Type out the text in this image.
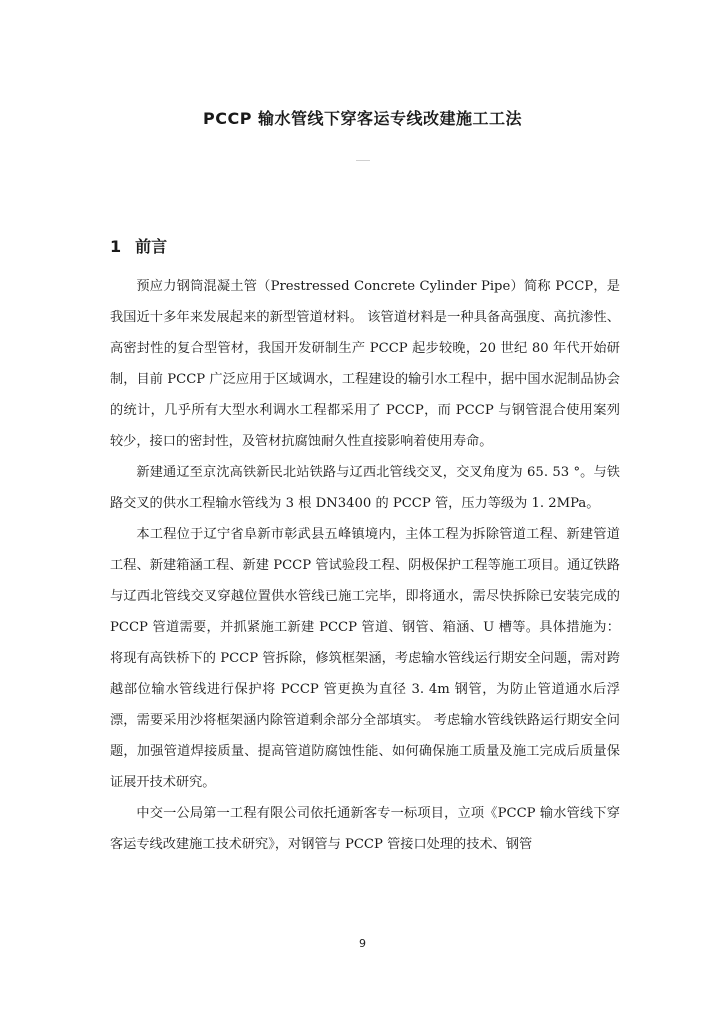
PCCP 输水管线下穿客运专线改建施工工法
1 前言

预应力钢筒混凝土管（Prestressed Concrete Cylinder Pipe）简称 PCCP，是我国近十多年来发展起来的新型管道材料。 该管道材料是一种具备高强度、高抗渗性、高密封性的复合型管材，我国开发研制生产 PCCP 起步较晚，20 世纪 80 年代开始研制，目前 PCCP 广泛应用于区域调水，工程建设的输引水工程中，据中国水泥制品协会的统计，几乎所有大型水利调水工程都采用了 PCCP，而 PCCP 与钢管混合使用案列较少，接口的密封性，及管材抗腐蚀耐久性直接影响着使用寿命。

新建通辽至京沈高铁新民北站铁路与辽西北管线交叉，交叉角度为 65. 53 °。与铁路交叉的供水工程输水管线为 3 根 DN3400 的 PCCP 管，压力等级为 1. 2MPa。

本工程位于辽宁省阜新市彰武县五峰镇境内，主体工程为拆除管道工程、新建管道工程、新建箱涵工程、新建 PCCP 管试验段工程、阴极保护工程等施工项目。通辽铁路与辽西北管线交叉穿越位置供水管线已施工完毕，即将通水，需尽快拆除已安装完成的 PCCP 管道需要，并抓紧施工新建 PCCP 管道、钢管、箱涵、U 槽等。具体措施为：将现有高铁桥下的 PCCP 管拆除，修筑框架涵，考虑输水管线运行期安全问题，需对跨越部位输水管线进行保护将 PCCP 管更换为直径 3. 4m 钢管，为防止管道通水后浮漂，需要采用沙将框架涵内除管道剩余部分全部填实。 考虑输水管线铁路运行期安全问题，加强管道焊接质量、提高管道防腐蚀性能、如何确保施工质量及施工完成后质量保证展开技术研究。

中交一公局第一工程有限公司依托通新客专一标项目，立项《PCCP 输水管线下穿客运专线改建施工技术研究》，对钢管与 PCCP 管接口处理的技术、钢管

9
